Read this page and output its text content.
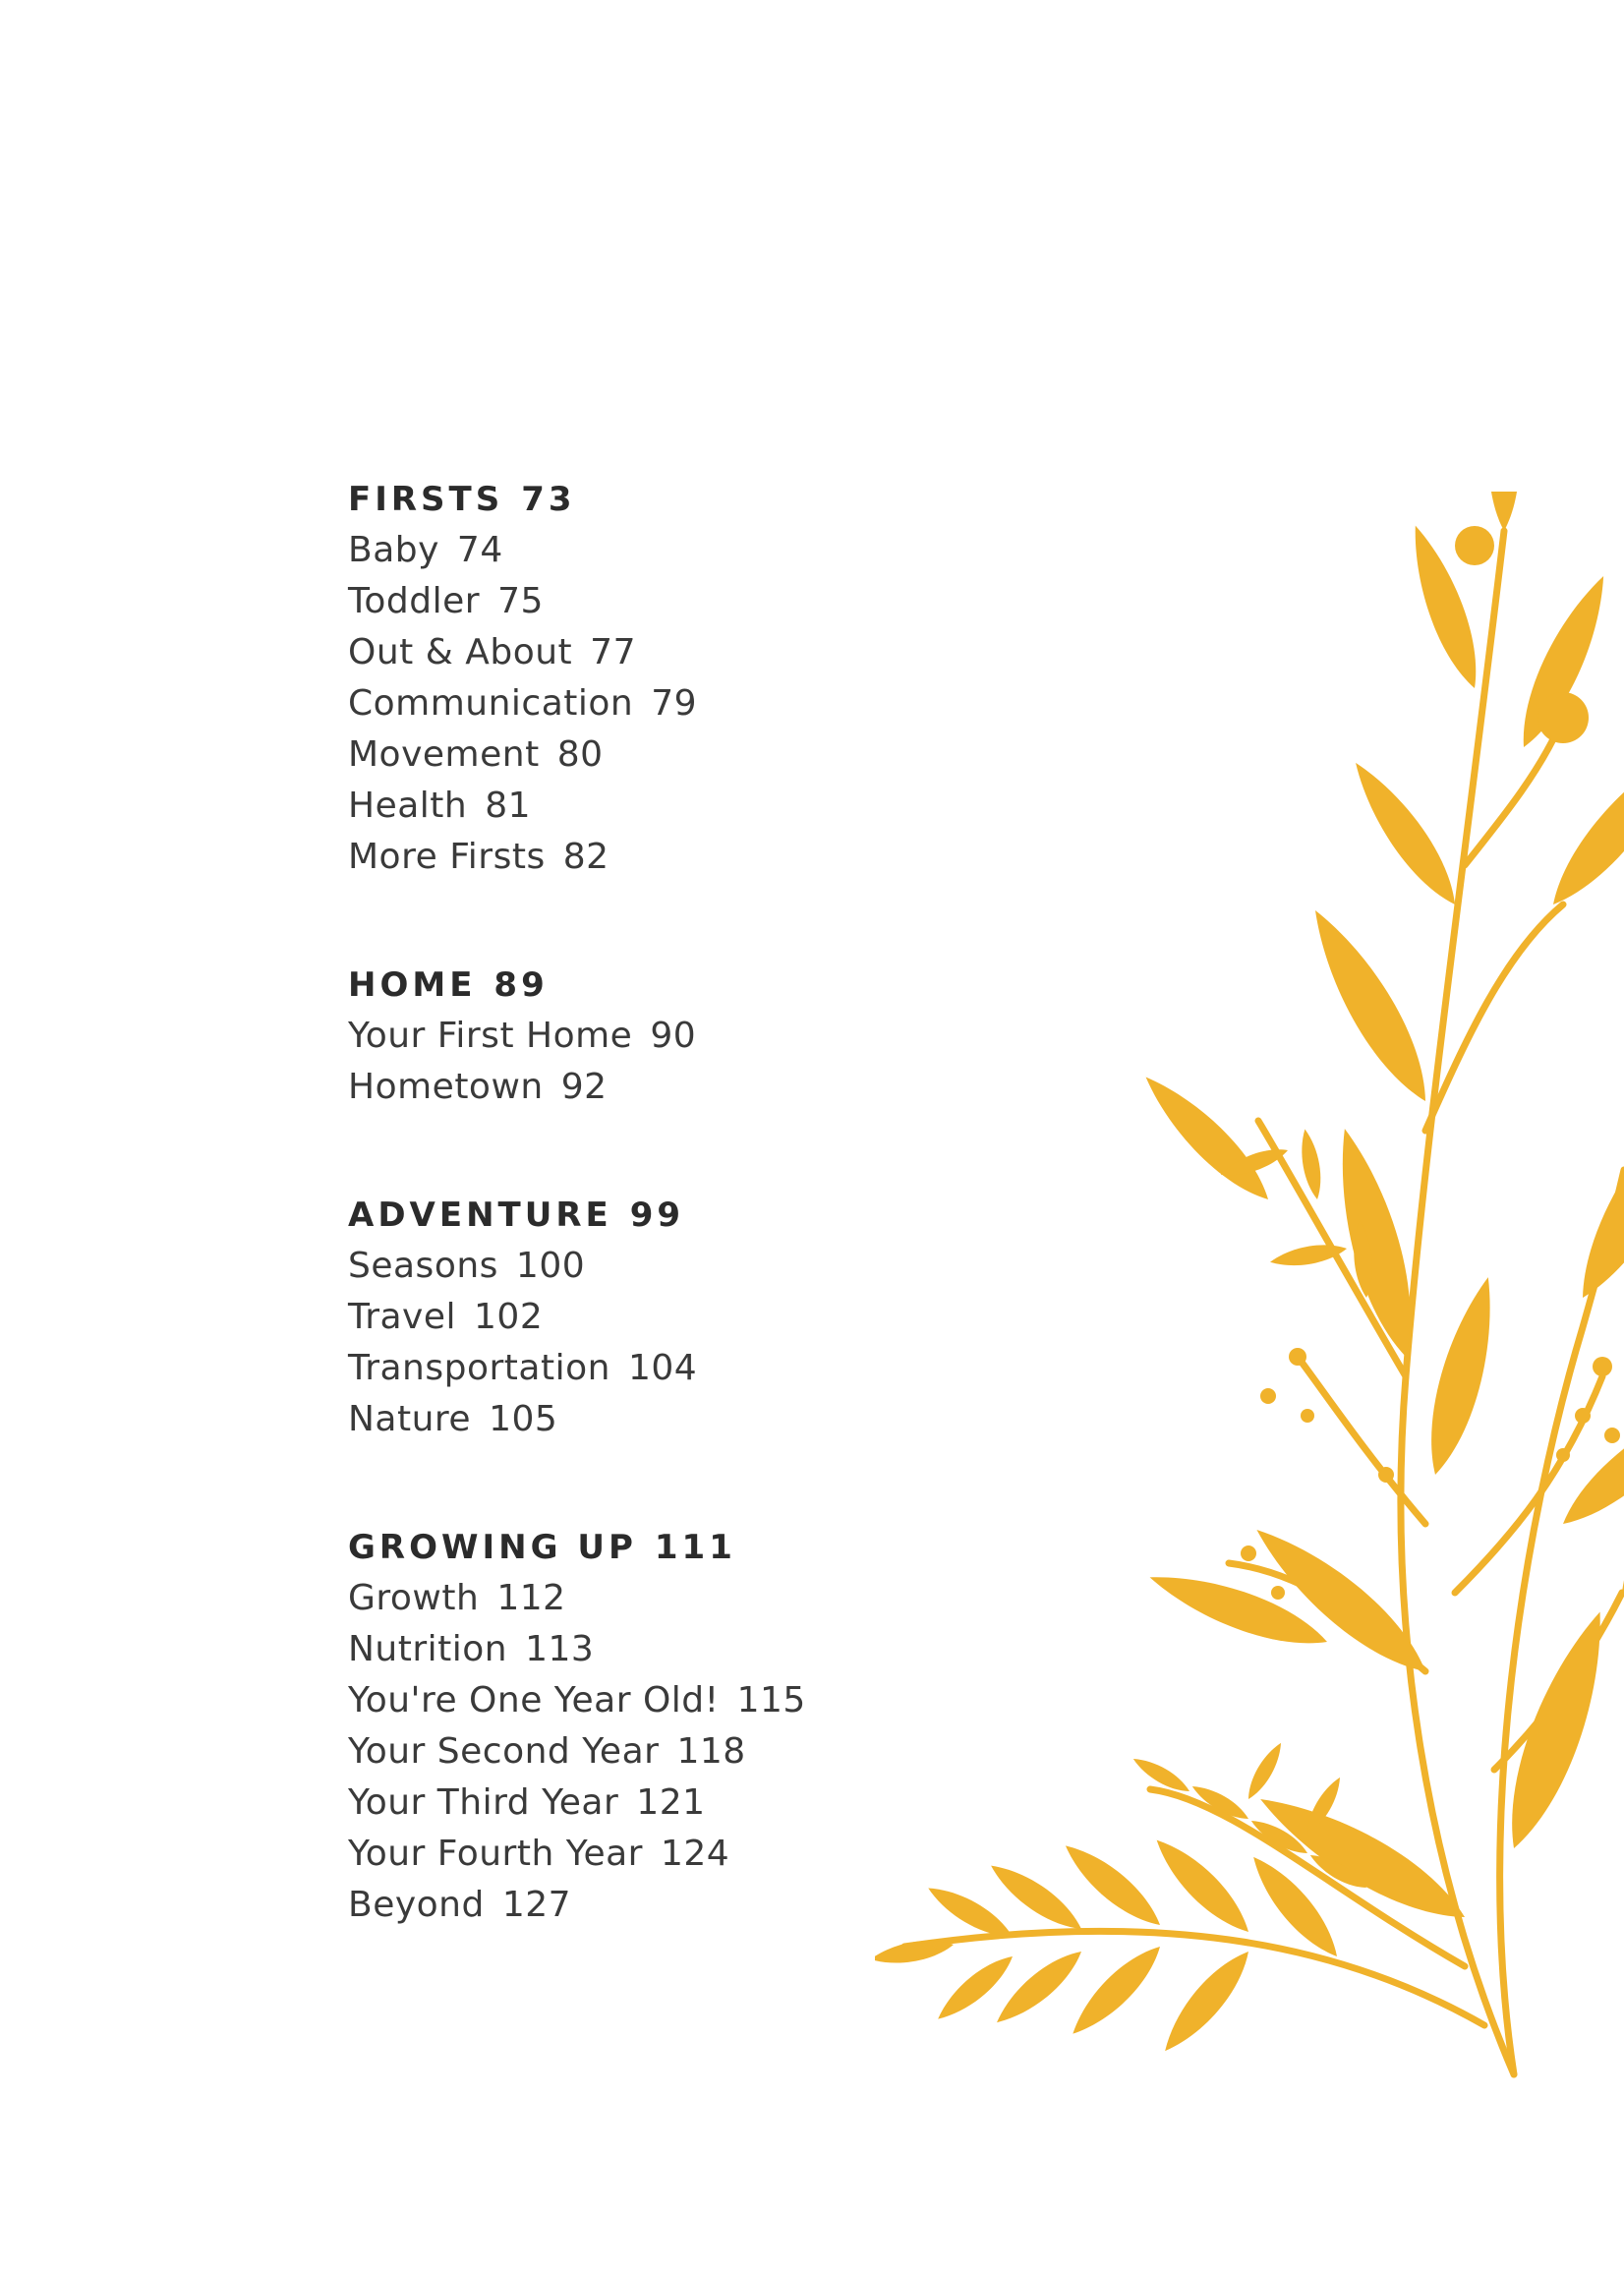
FIRSTS 73
Baby 74
Toddler 75
Out & About 77
Communication 79
Movement 80
Health 81
More Firsts 82
HOME 89
Your First Home 90
Hometown 92
ADVENTURE 99
Seasons 100
Travel 102
Transportation 104
Nature 105
GROWING UP 111
Growth 112
Nutrition 113
You're One Year Old! 115
Your Second Year 118
Your Third Year 121
Your Fourth Year 124
Beyond 127
